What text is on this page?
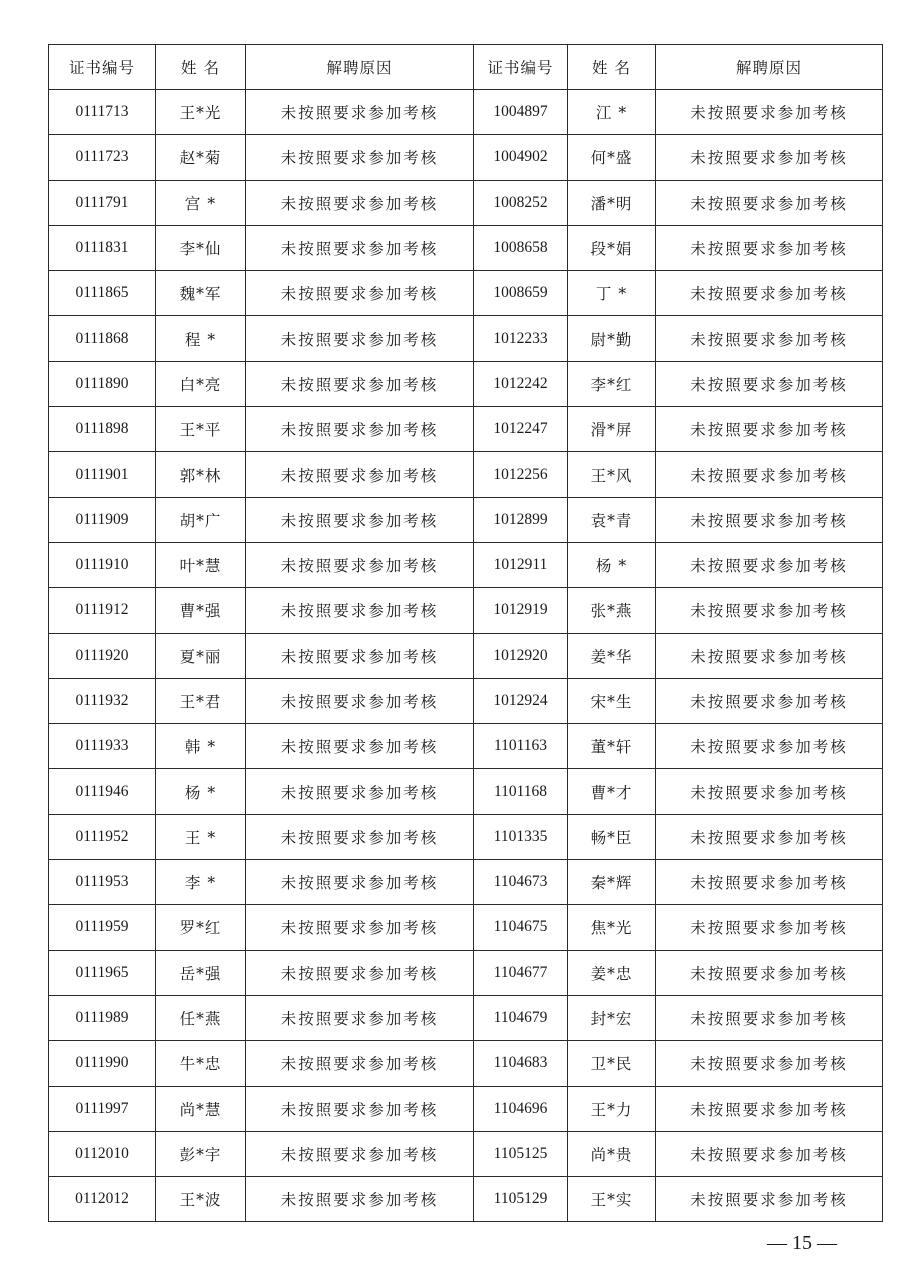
证书编号	姓 名	解聘原因	证书编号	姓 名	解聘原因
0111713	王*光	未按照要求参加考核	1004897	江 *	未按照要求参加考核
0111723	赵*菊	未按照要求参加考核	1004902	何*盛	未按照要求参加考核
0111791	宫 *	未按照要求参加考核	1008252	潘*明	未按照要求参加考核
0111831	李*仙	未按照要求参加考核	1008658	段*娟	未按照要求参加考核
0111865	魏*军	未按照要求参加考核	1008659	丁 *	未按照要求参加考核
0111868	程 *	未按照要求参加考核	1012233	尉*勤	未按照要求参加考核
0111890	白*亮	未按照要求参加考核	1012242	李*红	未按照要求参加考核
0111898	王*平	未按照要求参加考核	1012247	滑*屏	未按照要求参加考核
0111901	郭*林	未按照要求参加考核	1012256	王*风	未按照要求参加考核
0111909	胡*广	未按照要求参加考核	1012899	袁*青	未按照要求参加考核
0111910	叶*慧	未按照要求参加考核	1012911	杨 *	未按照要求参加考核
0111912	曹*强	未按照要求参加考核	1012919	张*燕	未按照要求参加考核
0111920	夏*丽	未按照要求参加考核	1012920	姜*华	未按照要求参加考核
0111932	王*君	未按照要求参加考核	1012924	宋*生	未按照要求参加考核
0111933	韩 *	未按照要求参加考核	1101163	董*轩	未按照要求参加考核
0111946	杨 *	未按照要求参加考核	1101168	曹*才	未按照要求参加考核
0111952	王 *	未按照要求参加考核	1101335	畅*臣	未按照要求参加考核
0111953	李 *	未按照要求参加考核	1104673	秦*辉	未按照要求参加考核
0111959	罗*红	未按照要求参加考核	1104675	焦*光	未按照要求参加考核
0111965	岳*强	未按照要求参加考核	1104677	姜*忠	未按照要求参加考核
0111989	任*燕	未按照要求参加考核	1104679	封*宏	未按照要求参加考核
0111990	牛*忠	未按照要求参加考核	1104683	卫*民	未按照要求参加考核
0111997	尚*慧	未按照要求参加考核	1104696	王*力	未按照要求参加考核
0112010	彭*宇	未按照要求参加考核	1105125	尚*贵	未按照要求参加考核
0112012	王*波	未按照要求参加考核	1105129	王*实	未按照要求参加考核
— 15 —
